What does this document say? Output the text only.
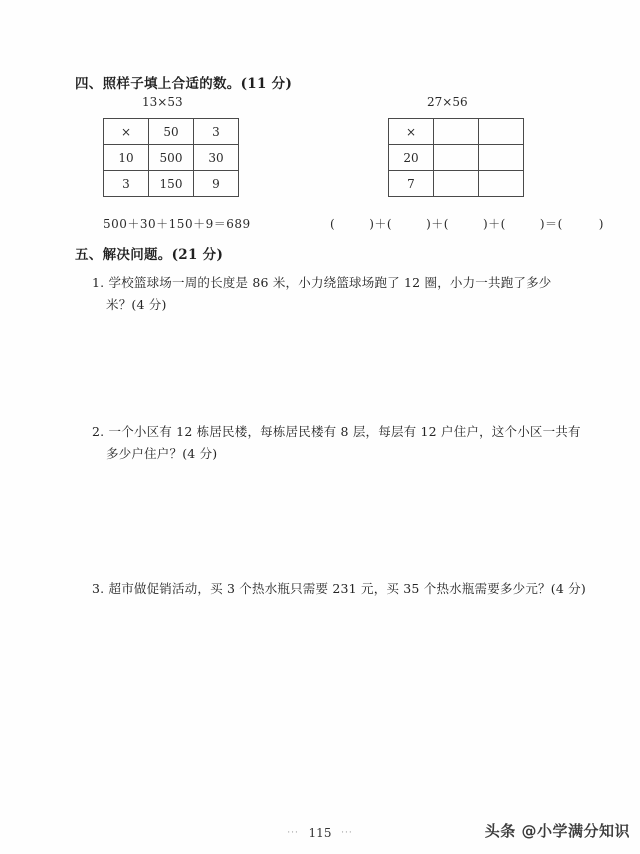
四、照样子填上合适的数。(11 分)
13×53	27×56
×	50	3
10	500	30
3	150	9
×		
20		
7		
500＋30＋150＋9＝689	(	)＋(	)＋(	)＋(	)＝(	)
五、解决问题。(21 分)
1. 学校篮球场一周的长度是 86 米，小力绕篮球场跑了 12 圈，小力一共跑了多少
米？(4 分)
2. 一个小区有 12 栋居民楼，每栋居民楼有 8 层，每层有 12 户住户，这个小区一共有
多少户住户？(4 分)
3. 超市做促销活动，买 3 个热水瓶只需要 231 元，买 35 个热水瓶需要多少元？(4 分)
··· 115 ···	头条 @小学满分知识
